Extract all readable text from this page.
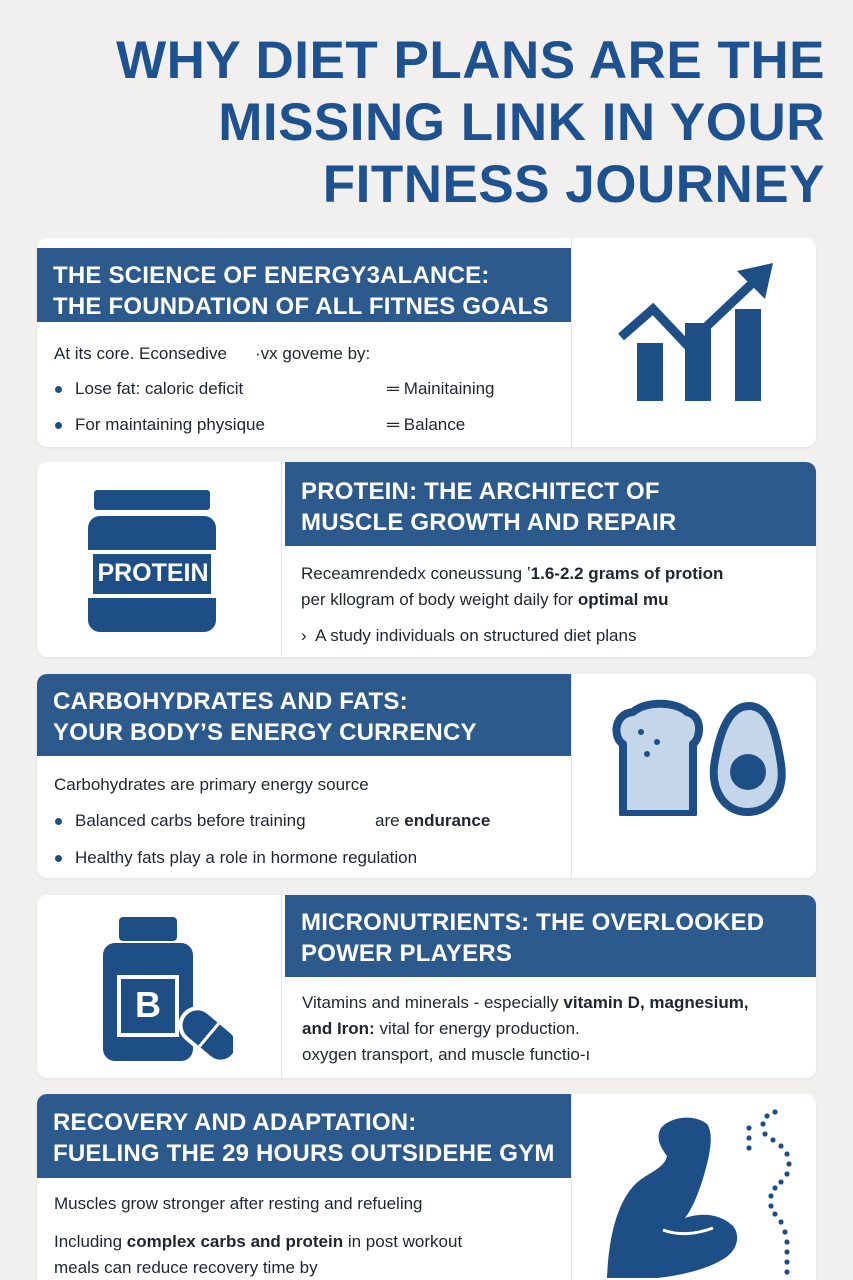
WHY DIET PLANS ARE THE
MISSING LINK IN YOUR
FITNESS JOURNEY
THE SCIENCE OF ENERGY3ALANCE:
THE FOUNDATION OF ALL FITNES GOALS
At its core. Econsedive ·vx goveme by:
Lose fat: caloric deficit	═ Mainitaining
For maintaining physique	═ Balance
PROTEIN
PROTEIN: THE ARCHITECT OF
MUSCLE GROWTH AND REPAIR
Receamrendedx coneussung ʽ1.6-2.2 grams of protion
per kllogram of body weight daily for optimal mu
›  A study individuals on structured diet plans
CARBOHYDRATES AND FATS:
YOUR BODY’S ENERGY CURRENCY
Carbohydrates are primary energy source
Balanced carbs before training	are endurance
Healthy fats play a role in hormone regulation
B
MICRONUTRIENTS: THE OVERLOOKED
POWER PLAYERS
Vitamins and minerals - especially vitamin D, magnesium,
and Iron: vital for energy production.
oxygen transport, and muscle functio-ı
RECOVERY AND ADAPTATION:
FUELING THE 29 HOURS OUTSIDEHE GYM
Muscles grow stronger after resting and refueling
Including complex carbs and protein in post workout
meals can reduce recovery time by
